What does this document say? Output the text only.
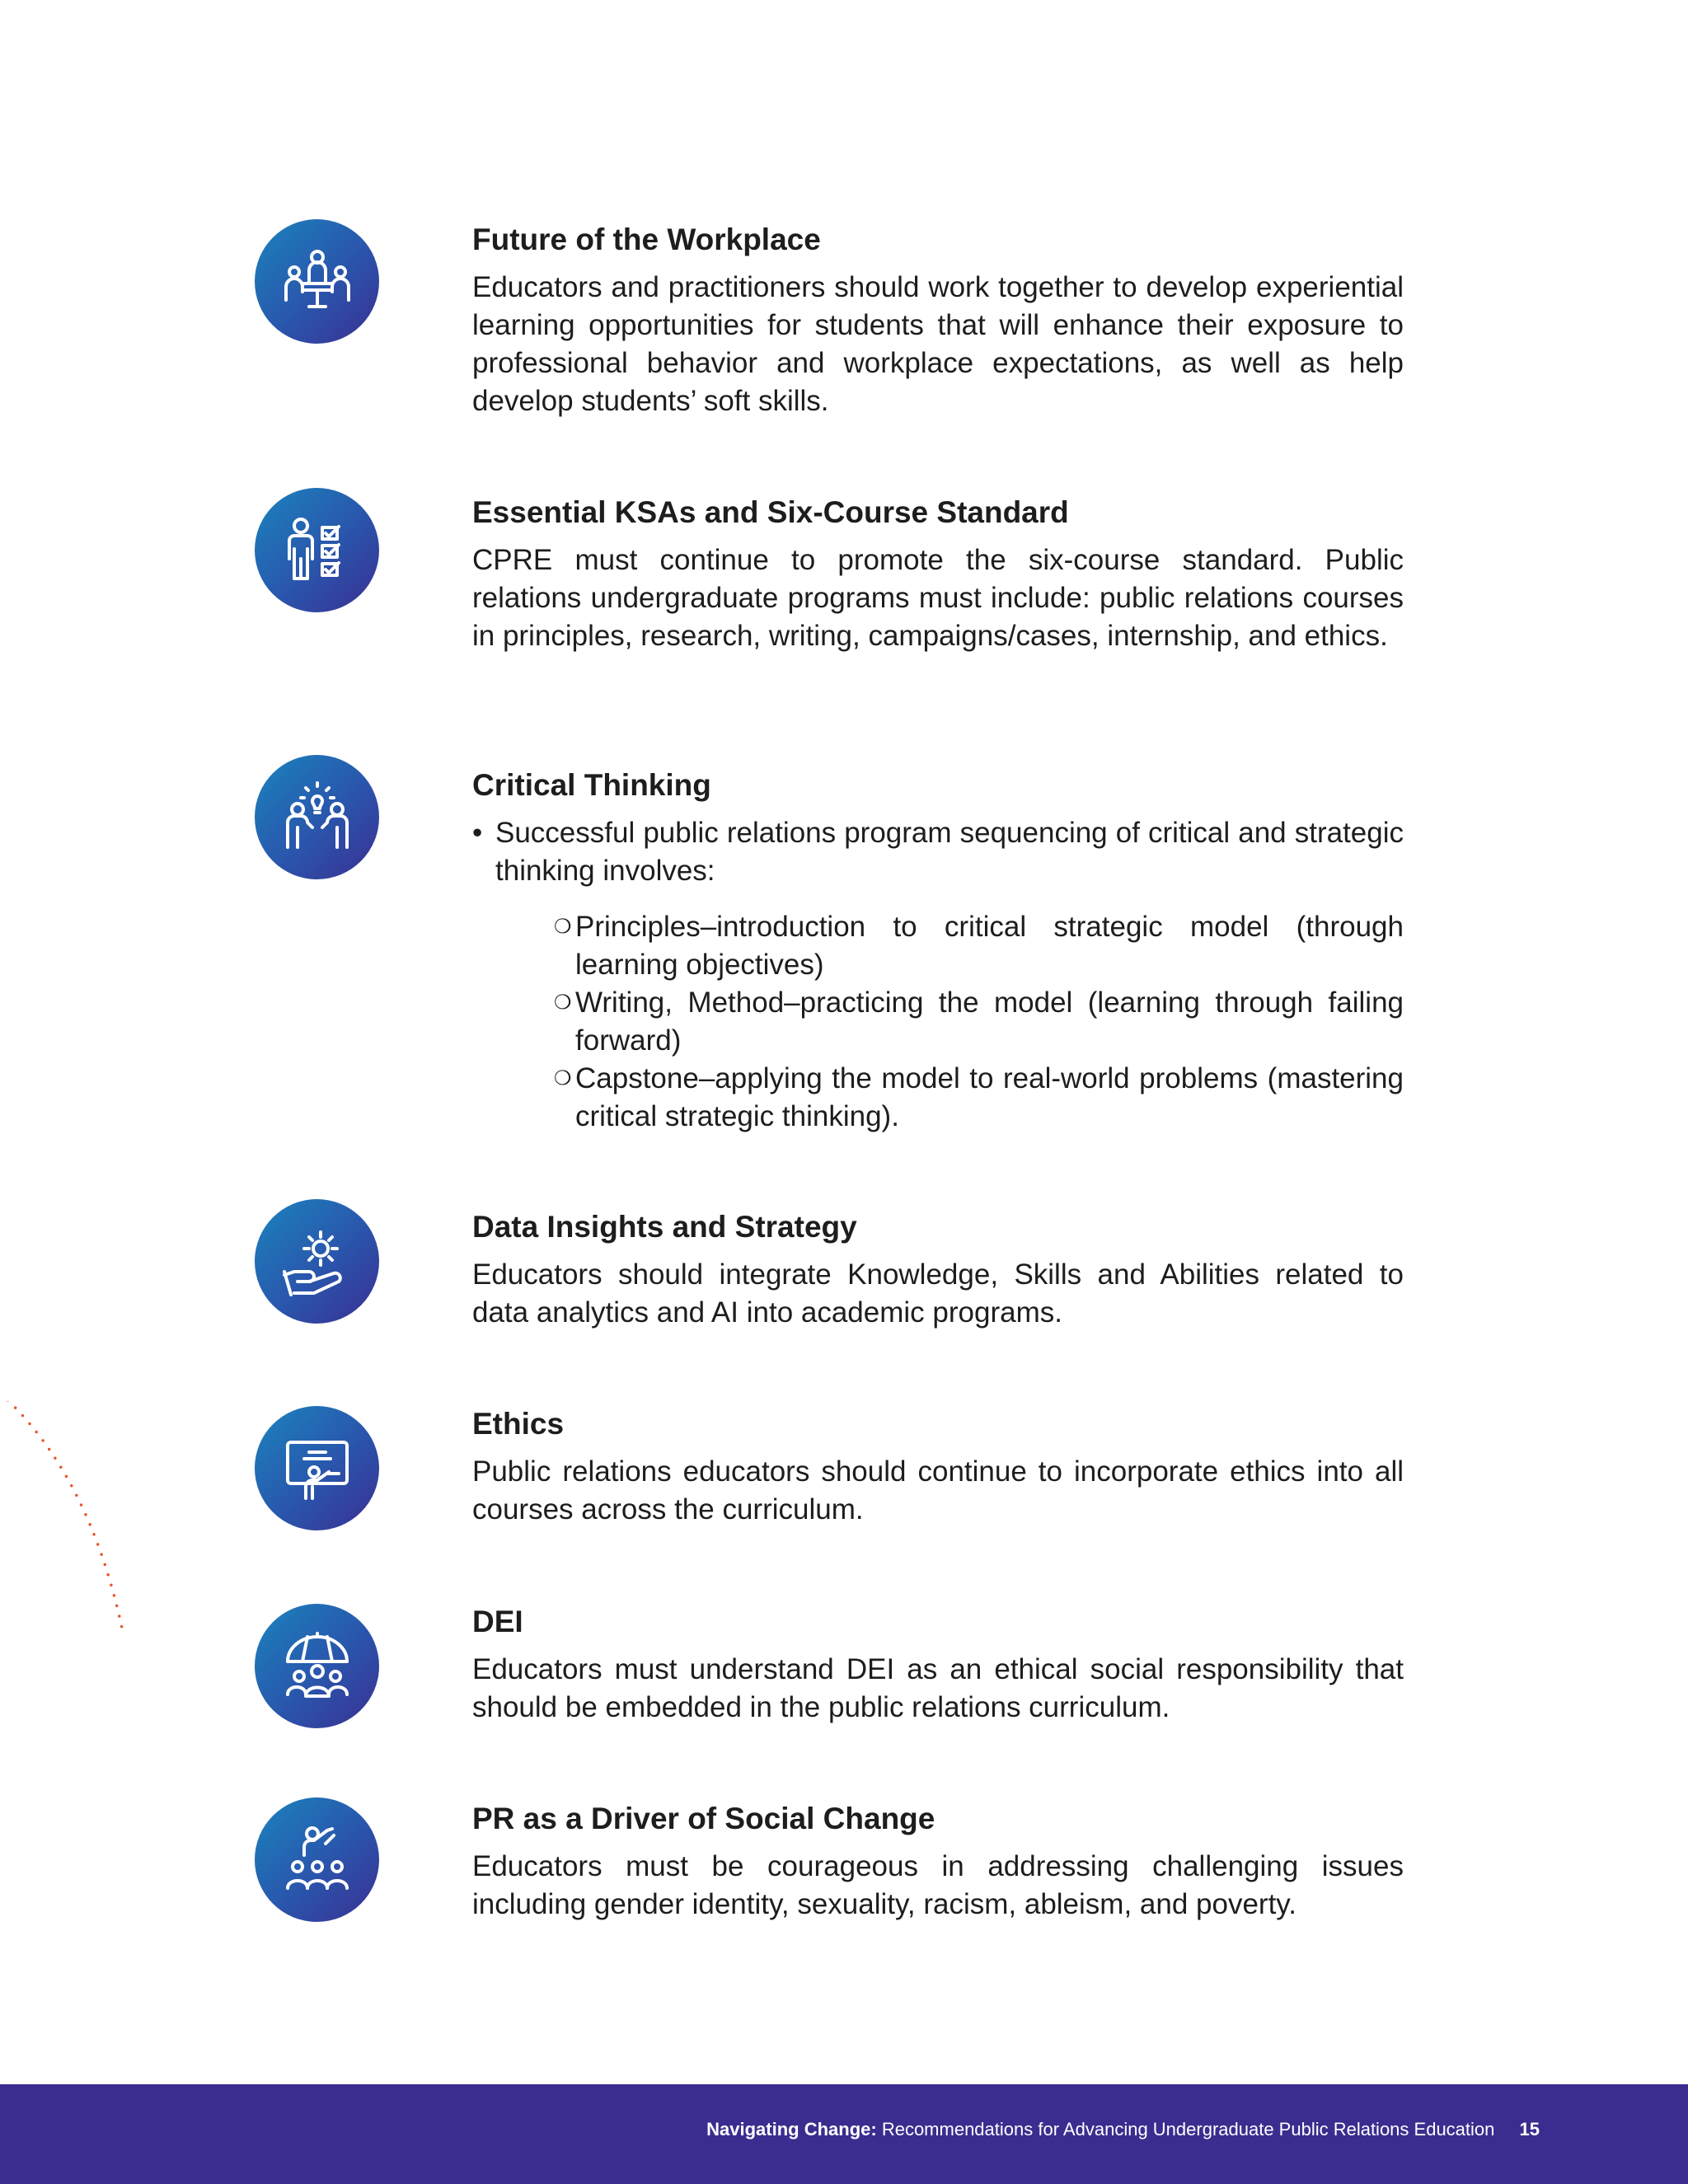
Future of the Workplace

Educators and practitioners should work together to develop experiential learning opportunities for students that will enhance their exposure to professional behavior and workplace expectations, as well as help develop students’ soft skills.

Essential KSAs and Six-Course Standard

CPRE must continue to promote the six-course standard. Public relations undergraduate programs must include: public relations courses in principles, research, writing, campaigns/cases, internship, and ethics.

Critical Thinking
• Successful public relations program sequencing of critical and strategic thinking involves:
❍ Principles–introduction to critical strategic model (through learning objectives)
❍ Writing, Method–practicing the model (learning through failing forward)
❍ Capstone–applying the model to real-world problems (mastering critical strategic thinking).
Data Insights and Strategy

Educators should integrate Knowledge, Skills and Abilities related to data analytics and AI into academic programs.

Ethics

Public relations educators should continue to incorporate ethics into all courses across the curriculum.

DEI

Educators must understand DEI as an ethical social responsibility that should be embedded in the public relations curriculum.

PR as a Driver of Social Change

Educators must be courageous in addressing challenging issues including gender identity, sexuality, racism, ableism, and poverty.

Navigating Change: Recommendations for Advancing Undergraduate Public Relations Education 15
